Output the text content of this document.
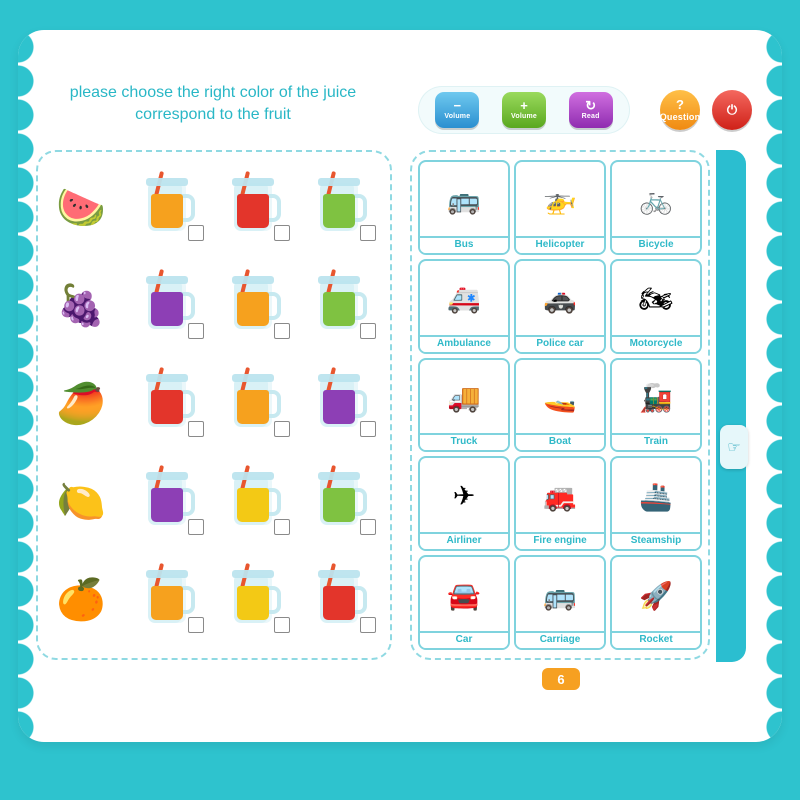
please choose the right color of the juice correspond to the fruit
−
Volume
+
Volume
↻
Read
?
Question ⏻
🍉
🍇
🥭
🍋
🍊
🚌
Bus
🚁
Helicopter
🚲
Bicycle
🚑
Ambulance
🚓
Police car
🏍
Motorcycle
🚚
Truck
🚤
Boat
🚂
Train
✈
Airliner
🚒
Fire engine
🚢
Steamship
🚘
Car
🚌
Carriage
🚀
Rocket
☞
6
